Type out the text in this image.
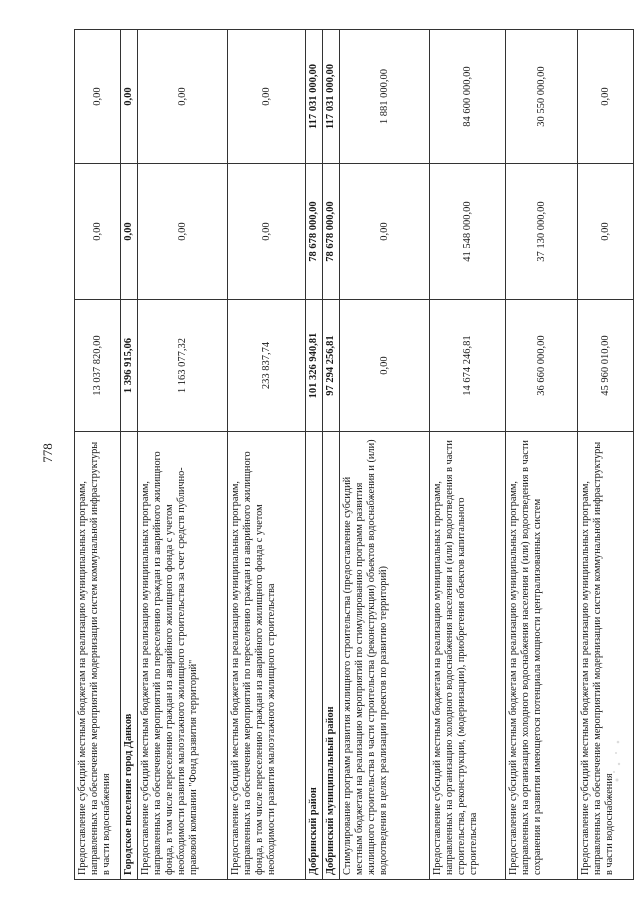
778
Предоставление субсидий местным бюджетам на реализацию муниципальных программ, направленных на обеспечение мероприятий модернизации систем коммунальной инфраструктуры в части водоснабжения	13 037 820,00	0,00	0,00
Городское поселение город Данков	1 396 915,06	0,00	0,00
Предоставление субсидий местным бюджетам на реализацию муниципальных программ, направленных на обеспечение мероприятий по переселению граждан из аварийного жилищного фонда, в том числе переселению граждан из аварийного жилищного фонда с учетом необходимости развития малоэтажного жилищного строительства за счет средств публично-правовой компании "Фонд развития территорий"	1 163 077,32	0,00	0,00
Предоставление субсидий местным бюджетам на реализацию муниципальных программ, направленных на обеспечение мероприятий по переселению граждан из аварийного жилищного фонда, в том числе переселению граждан из аварийного жилищного фонда с учетом необходимости развития малоэтажного жилищного строительства	233 837,74	0,00	0,00
Добринский район	101 326 940,81	78 678 000,00	117 031 000,00
Добринский муниципальный район	97 294 256,81	78 678 000,00	117 031 000,00
Стимулирование программ развития жилищного строительства (предоставление субсидий местным бюджетам на реализацию мероприятий по стимулированию программ развития жилищного строительства в части строительства (реконструкции) объектов водоснабжения и (или) водоотведения в целях реализации проектов по развитию территорий)	0,00	0,00	1 881 000,00
Предоставление субсидий местным бюджетам на реализацию муниципальных программ, направленных на организацию холодного водоснабжения населения и (или) водоотведения в части строительства, реконструкции, (модернизации), приобретения объектов капитального строительства	14 674 246,81	41 548 000,00	84 600 000,00
Предоставление субсидий местным бюджетам на реализацию муниципальных программ, направленных на организацию холодного водоснабжения населения и (или) водоотведения в части сохранения и развития имеющегося потенциала мощности централизованных систем	36 660 000,00	37 130 000,00	30 550 000,00
Предоставление субсидий местным бюджетам на реализацию муниципальных программ, направленных на обеспечение мероприятий модернизации систем коммунальной инфраструктуры в части водоснабжения	45 960 010,00	0,00	0,00
